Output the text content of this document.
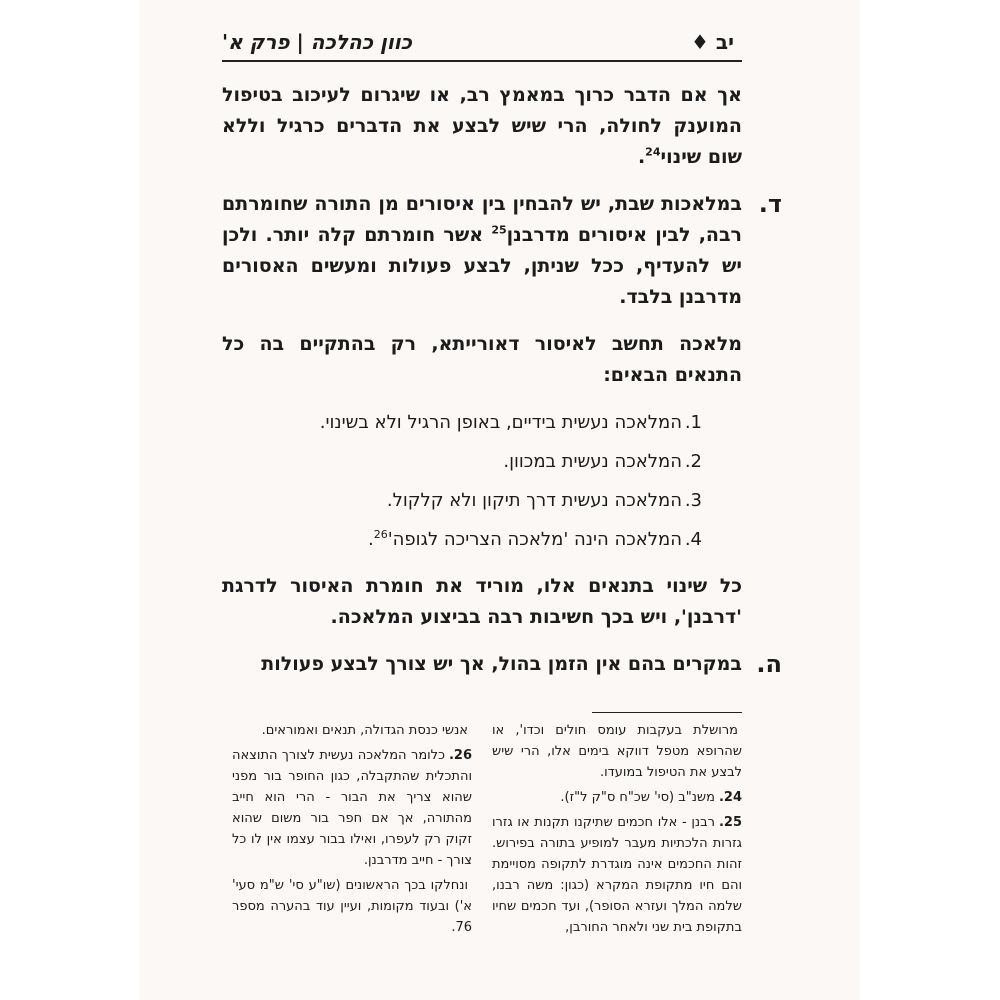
יב ♦
כוון כהלכה | פרק א'

אך אם הדבר כרוך במאמץ רב, או שיגרום לעיכוב בטיפול המוענק לחולה, הרי שיש לבצע את הדברים כרגיל וללא שום שינוי$^{24}$.

ד.
במלאכות שבת, יש להבחין בין איסורים מן התורה שחומרתם רבה, לבין איסורים מדרבנן$^{25}$ אשר חומרתם קלה יותר. ולכן יש להעדיף, ככל שניתן, לבצע פעולות ומעשים האסורים מדרבנן בלבד.

מלאכה תחשב לאיסור דאורייתא, רק בהתקיים בה כל התנאים הבאים:

1.
המלאכה נעשית בידיים, באופן הרגיל ולא בשינוי.
2.
המלאכה נעשית במכוון.
3.
המלאכה נעשית דרך תיקון ולא קלקול.
4.
המלאכה הינה 'מלאכה הצריכה $לגופה'^{26}$.

כל שינוי בתנאים אלו, מוריד את חומרת האיסור לדרגת 'דרבנן', ויש בכך חשיבות רבה בביצוע המלאכה.

ה.
במקרים בהם אין הזמן בהול, אך יש צורך לבצע פעולות

מרושלת בעקבות עומס חולים וכדו', או שהרופא מטפל דווקא בימים אלו, הרי שיש לבצע את הטיפול במועדו.

24.משנ"ב (סי' שכ"ח ס"ק ל"ז).

25.רבנן - אלו חכמים שתיקנו תקנות או גזרו גזרות הלכתיות מעבר למופיע בתורה בפירוש. זהות החכמים אינה מוגדרת לתקופה מסויימת והם חיו מתקופת המקרא (כגון: משה רבנו, שלמה המלך ועזרא הסופר), ועד חכמים שחיו בתקופת בית שני ולאחר החורבן,

אנשי כנסת הגדולה, תנאים ואמוראים.

26.כלומר המלאכה נעשית לצורך התוצאה והתכלית שהתקבלה, כגון החופר בור מפני שהוא צריך את הבור - הרי הוא חייב מהתורה, אך אם חפר בור משום שהוא זקוק רק לעפרו, ואילו בבור עצמו אין לו כל צורך - חייב מדרבנן.

ונחלקו בכך הראשונים (שו"ע סי' ש"מ סעי' א') ובעוד מקומות, ועיין עוד בהערה מספר 76.
